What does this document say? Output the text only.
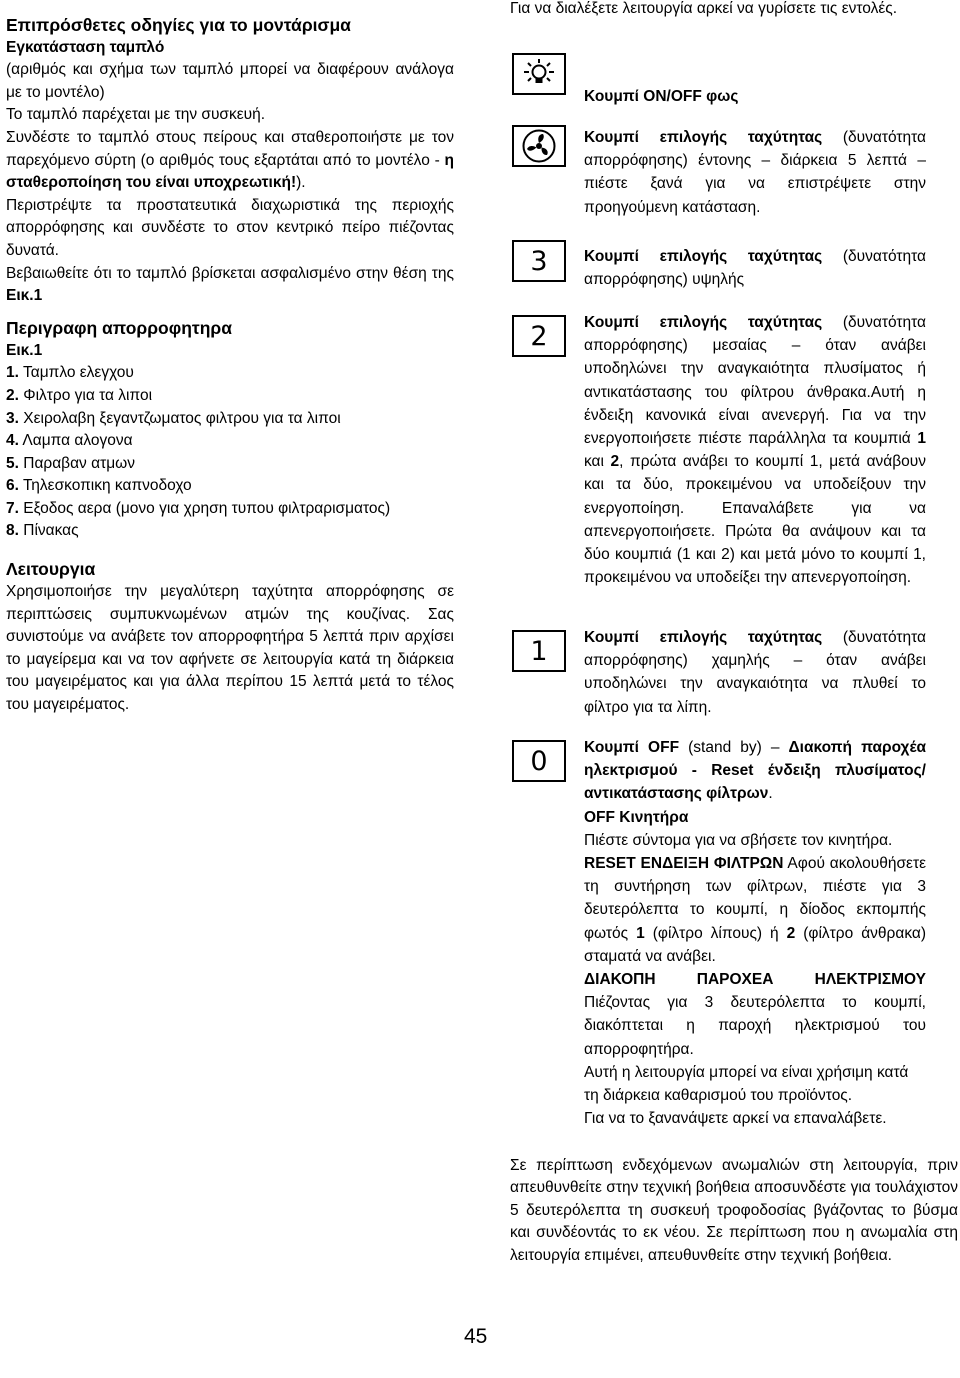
Επιπρόσθετες οδηγίες για το μοντάρισμα

Εγκατάσταση ταμπλό

(αριθμός και σχήμα των ταμπλό μπορεί να διαφέρουν ανάλογα με το μοντέλο)

Το ταμπλό παρέχεται με την συσκευή.

Συνδέστε το ταμπλό στους πείρους και σταθεροποιήστε με τον παρεχόμενο σύρτη (ο αριθμός τους εξαρτάται από το μοντέλο - η σταθεροποίηση του είναι υποχρεωτική!).

Περιστρέψτε τα προστατευτικά διαχωριστικά της περιοχής απορρόφησης και συνδέστε το στον κεντρικό πείρο πιέζοντας δυνατά.

Βεβαιωθείτε ότι το ταμπλό βρίσκεται ασφαλισμένο στην θέση της Εικ.1

Περιγραφη απορροφητηρα

Εικ.1

1. Ταμπλο ελεγχου

2. Φιλτρο για τα λιποι

3. Χειρολαβη ξεγαντζωματος φιλτρου για τα λιποι

4. Λαμπα αλογονα

5. Παραβαν ατμων

6. Τηλεσκοπικη καπνοδοχο

7. Εξοδος αερα (μονο για χρηση τυπου φιλτραρισματος)

8. Πίνακας

Λειτουργια

Χρησιμοποιήσε την μεγαλύτερη ταχύτητα απορρόφησης σε περιπτώσεις συμπυκνωμένων ατμών της κουζίνας. Σας συνιστούμε να ανάβετε τον απορροφητήρα 5 λεπτά πριν αρχίσει το μαγείρεμα και να τον αφήνετε σε λειτουργία κατά τη διάρκεια του μαγειρέματος και για άλλα περίπου 15 λεπτά μετά το τέλος του μαγειρέματος.

Για να διαλέξετε λειτουργία αρκεί να γυρίσετε τις εντολές.

Κουμπί ON/OFF φως

Κουμπί επιλογής ταχύτητας (δυνατότητα απορρόφησης) έντονης – διάρκεια 5 λεπτά – πιέστε ξανά για να επιστρέψετε στην προηγούμενη κατάσταση.

3 Κουμπί επιλογής ταχύτητας (δυνατότητα απορρόφησης) υψηλής

2 Κουμπί επιλογής ταχύτητας (δυνατότητα απορρόφησης) μεσαίας – όταν ανάβει υποδηλώνει την αναγκαιότητα πλυσίματος ή αντικατάστασης του φίλτρου άνθρακα.Αυτή η ένδειξη κανονικά είναι ανενεργή. Για να την ενεργοποιήσετε πιέστε παράλληλα τα κουμπιά 1 και 2, πρώτα ανάβει το κουμπί 1, μετά ανάβουν και τα δύο, προκειμένου να υποδείξουν την ενεργοποίηση. Επαναλάβετε για να απενεργοποιήσετε. Πρώτα θα ανάψουν και τα δύο κουμπιά (1 και 2) και μετά μόνο το κουμπί 1, προκειμένου να υποδείξει την απενεργοποίηση.

1 Κουμπί επιλογής ταχύτητας (δυνατότητα απορρόφησης) χαμηλής – όταν ανάβει υποδηλώνει την αναγκαιότητα να πλυθεί το φίλτρο για τα λίπη.

0 Κουμπί OFF (stand by) – Διακοπή παροχέα ηλεκτρισμού - Reset ένδειξη πλυσίματος/αντικατάστασης φίλτρων.

OFF Κινητήρα

Πιέστε σύντομα για να σβήσετε τον κινητήρα.

RESET ΕΝΔΕΙΞΗ ΦΙΛΤΡΩΝ Αφού ακολουθήσετε τη συντήρηση των φίλτρων, πιέστε για 3 δευτερόλεπτα το κουμπί, η δίοδος εκπομπής φωτός 1 (φίλτρο λίπους) ή 2 (φίλτρο άνθρακα) σταματά να ανάβει.

ΔΙΑΚΟΠΗ ΠΑΡΟΧΕΑ ΗΛΕΚΤΡΙΣΜΟΥ

Πιέζοντας για 3 δευτερόλεπτα το κουμπί, διακόπτεται η παροχή ηλεκτρισμού του απορροφητήρα.

Αυτή η λειτουργία μπορεί να είναι χρήσιμη κατά τη διάρκεια καθαρισμού του προϊόντος.

Για να το ξανανάψετε αρκεί να επαναλάβετε.

Σε περίπτωση ενδεχόμενων ανωμαλιών στη λειτουργία, πριν απευθυνθείτε στην τεχνική βοήθεια αποσυνδέστε για τουλάχιστον 5 δευτερόλεπτα τη συσκευή τροφοδοσίας βγάζοντας το βύσμα και συνδέοντάς το εκ νέου. Σε περίπτωση που η ανωμαλία στη λειτουργία επιμένει, απευθυνθείτε στην τεχνική βοήθεια.

45
